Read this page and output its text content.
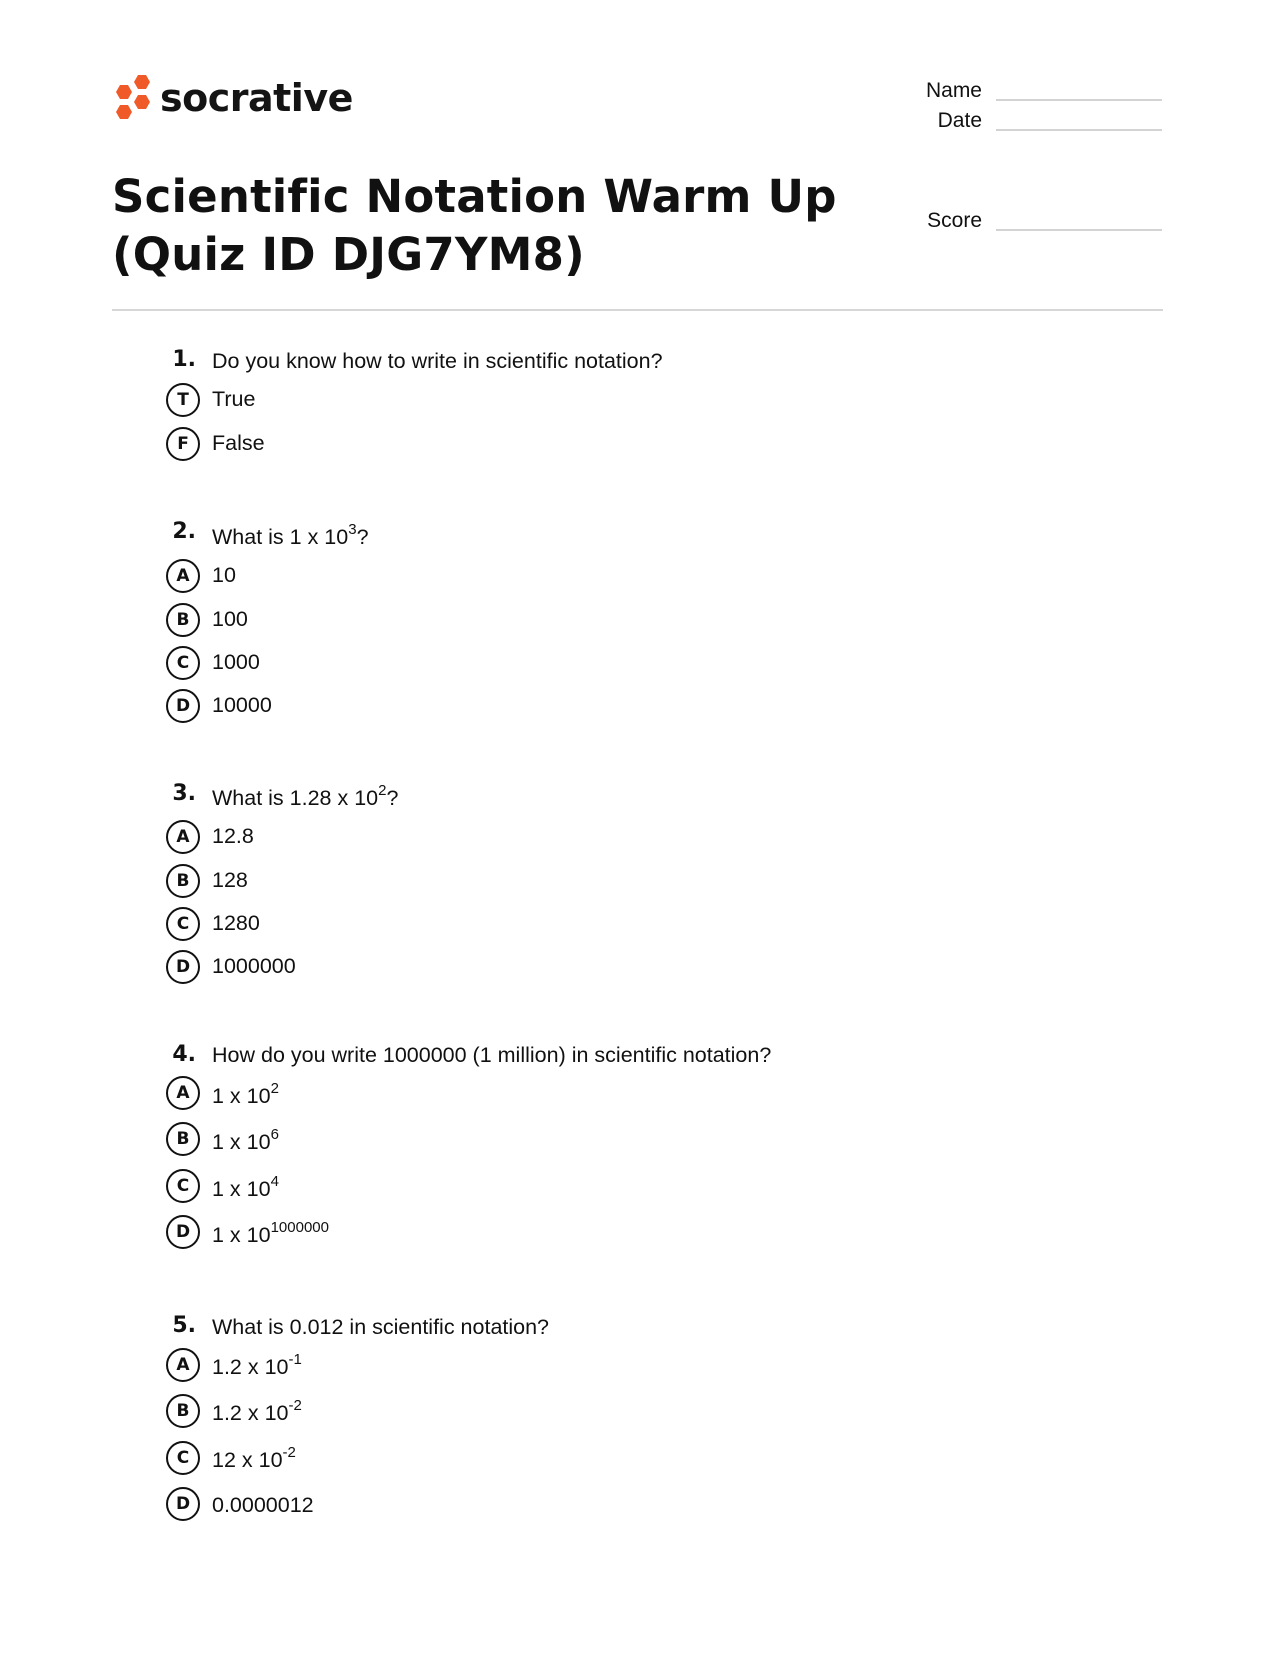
socrative	Name
Date
Score
Scientific Notation Warm Up
(Quiz ID DJG7YM8)
1. Do you know how to write in scientific notation?
T	True
F	False
2. What is 1 x $10^3$?
A	10
B	100
C	1000
D	10000
3. What is 1.28 x $10^2$?
A	12.8
B	128
C	1280
D	1000000
4. How do you write 1000000 (1 million) in scientific notation?
A	1 x $10^2$
B	1 x $10^6$
C	1 x $10^4$
D	1 x $10^{1000000}$
5. What is 0.012 in scientific notation?
A	1.2 x $10^{-1}$
B	1.2 x $10^{-2}$
C	12 x $10^{-2}$
D	0.0000012
